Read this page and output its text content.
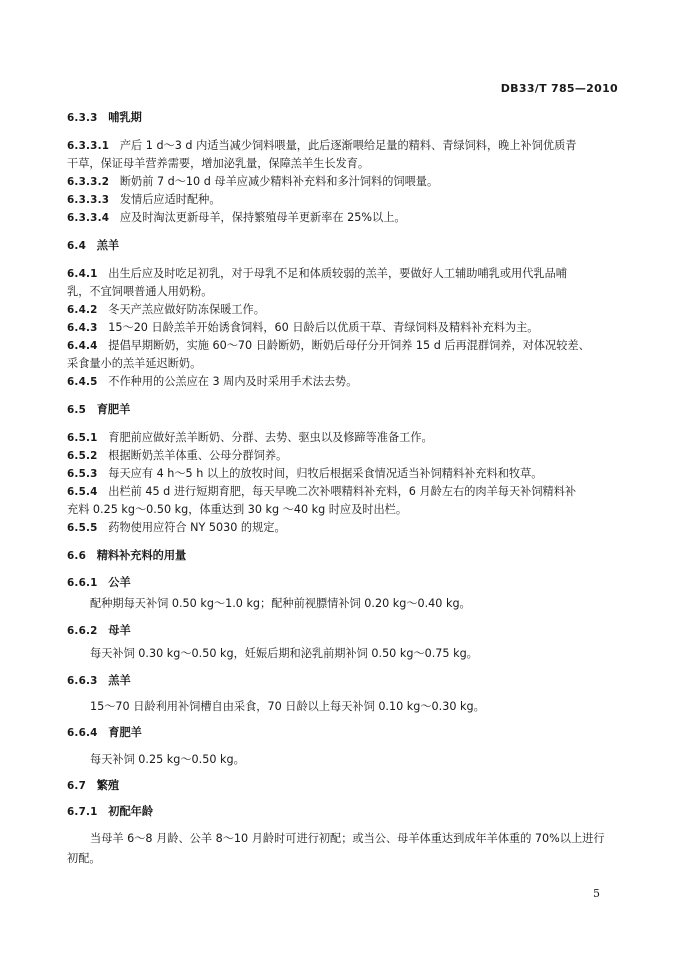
DB33/T 785—2010
6.3.3 哺乳期
6.3.3.1 产后 1 d～3 d 内适当减少饲料喂量，此后逐渐喂给足量的精料、青绿饲料，晚上补饲优质青
干草，保证母羊营养需要，增加泌乳量，保障羔羊生长发育。
6.3.3.2 断奶前 7 d～10 d 母羊应减少精料补充料和多汁饲料的饲喂量。
6.3.3.3 发情后应适时配种。
6.3.3.4 应及时淘汰更新母羊，保持繁殖母羊更新率在 25%以上。
6.4 羔羊
6.4.1 出生后应及时吃足初乳，对于母乳不足和体质较弱的羔羊，要做好人工辅助哺乳或用代乳品哺
乳，不宜饲喂普通人用奶粉。
6.4.2 冬天产羔应做好防冻保暖工作。
6.4.3 15～20 日龄羔羊开始诱食饲料，60 日龄后以优质干草、青绿饲料及精料补充料为主。
6.4.4 提倡早期断奶，实施 60～70 日龄断奶，断奶后母仔分开饲养 15 d 后再混群饲养，对体况较差、
采食量小的羔羊延迟断奶。
6.4.5 不作种用的公羔应在 3 周内及时采用手术法去势。
6.5 育肥羊
6.5.1 育肥前应做好羔羊断奶、分群、去势、驱虫以及修蹄等准备工作。
6.5.2 根据断奶羔羊体重、公母分群饲养。
6.5.3 每天应有 4 h～5 h 以上的放牧时间，归牧后根据采食情况适当补饲精料补充料和牧草。
6.5.4 出栏前 45 d 进行短期育肥，每天早晚二次补喂精料补充料，6 月龄左右的肉羊每天补饲精料补
充料 0.25 kg～0.50 kg，体重达到 30 kg ～40 kg 时应及时出栏。
6.5.5 药物使用应符合 NY 5030 的规定。
6.6 精料补充料的用量
6.6.1 公羊
配种期每天补饲 0.50 kg～1.0 kg；配种前视膘情补饲 0.20 kg～0.40 kg。
6.6.2 母羊
每天补饲 0.30 kg～0.50 kg，妊娠后期和泌乳前期补饲 0.50 kg～0.75 kg。
6.6.3 羔羊
15～70 日龄利用补饲槽自由采食，70 日龄以上每天补饲 0.10 kg～0.30 kg。
6.6.4 育肥羊
每天补饲 0.25 kg～0.50 kg。
6.7 繁殖
6.7.1 初配年龄
当母羊 6～8 月龄、公羊 8～10 月龄时可进行初配；或当公、母羊体重达到成年羊体重的 70%以上进行
初配。
5
